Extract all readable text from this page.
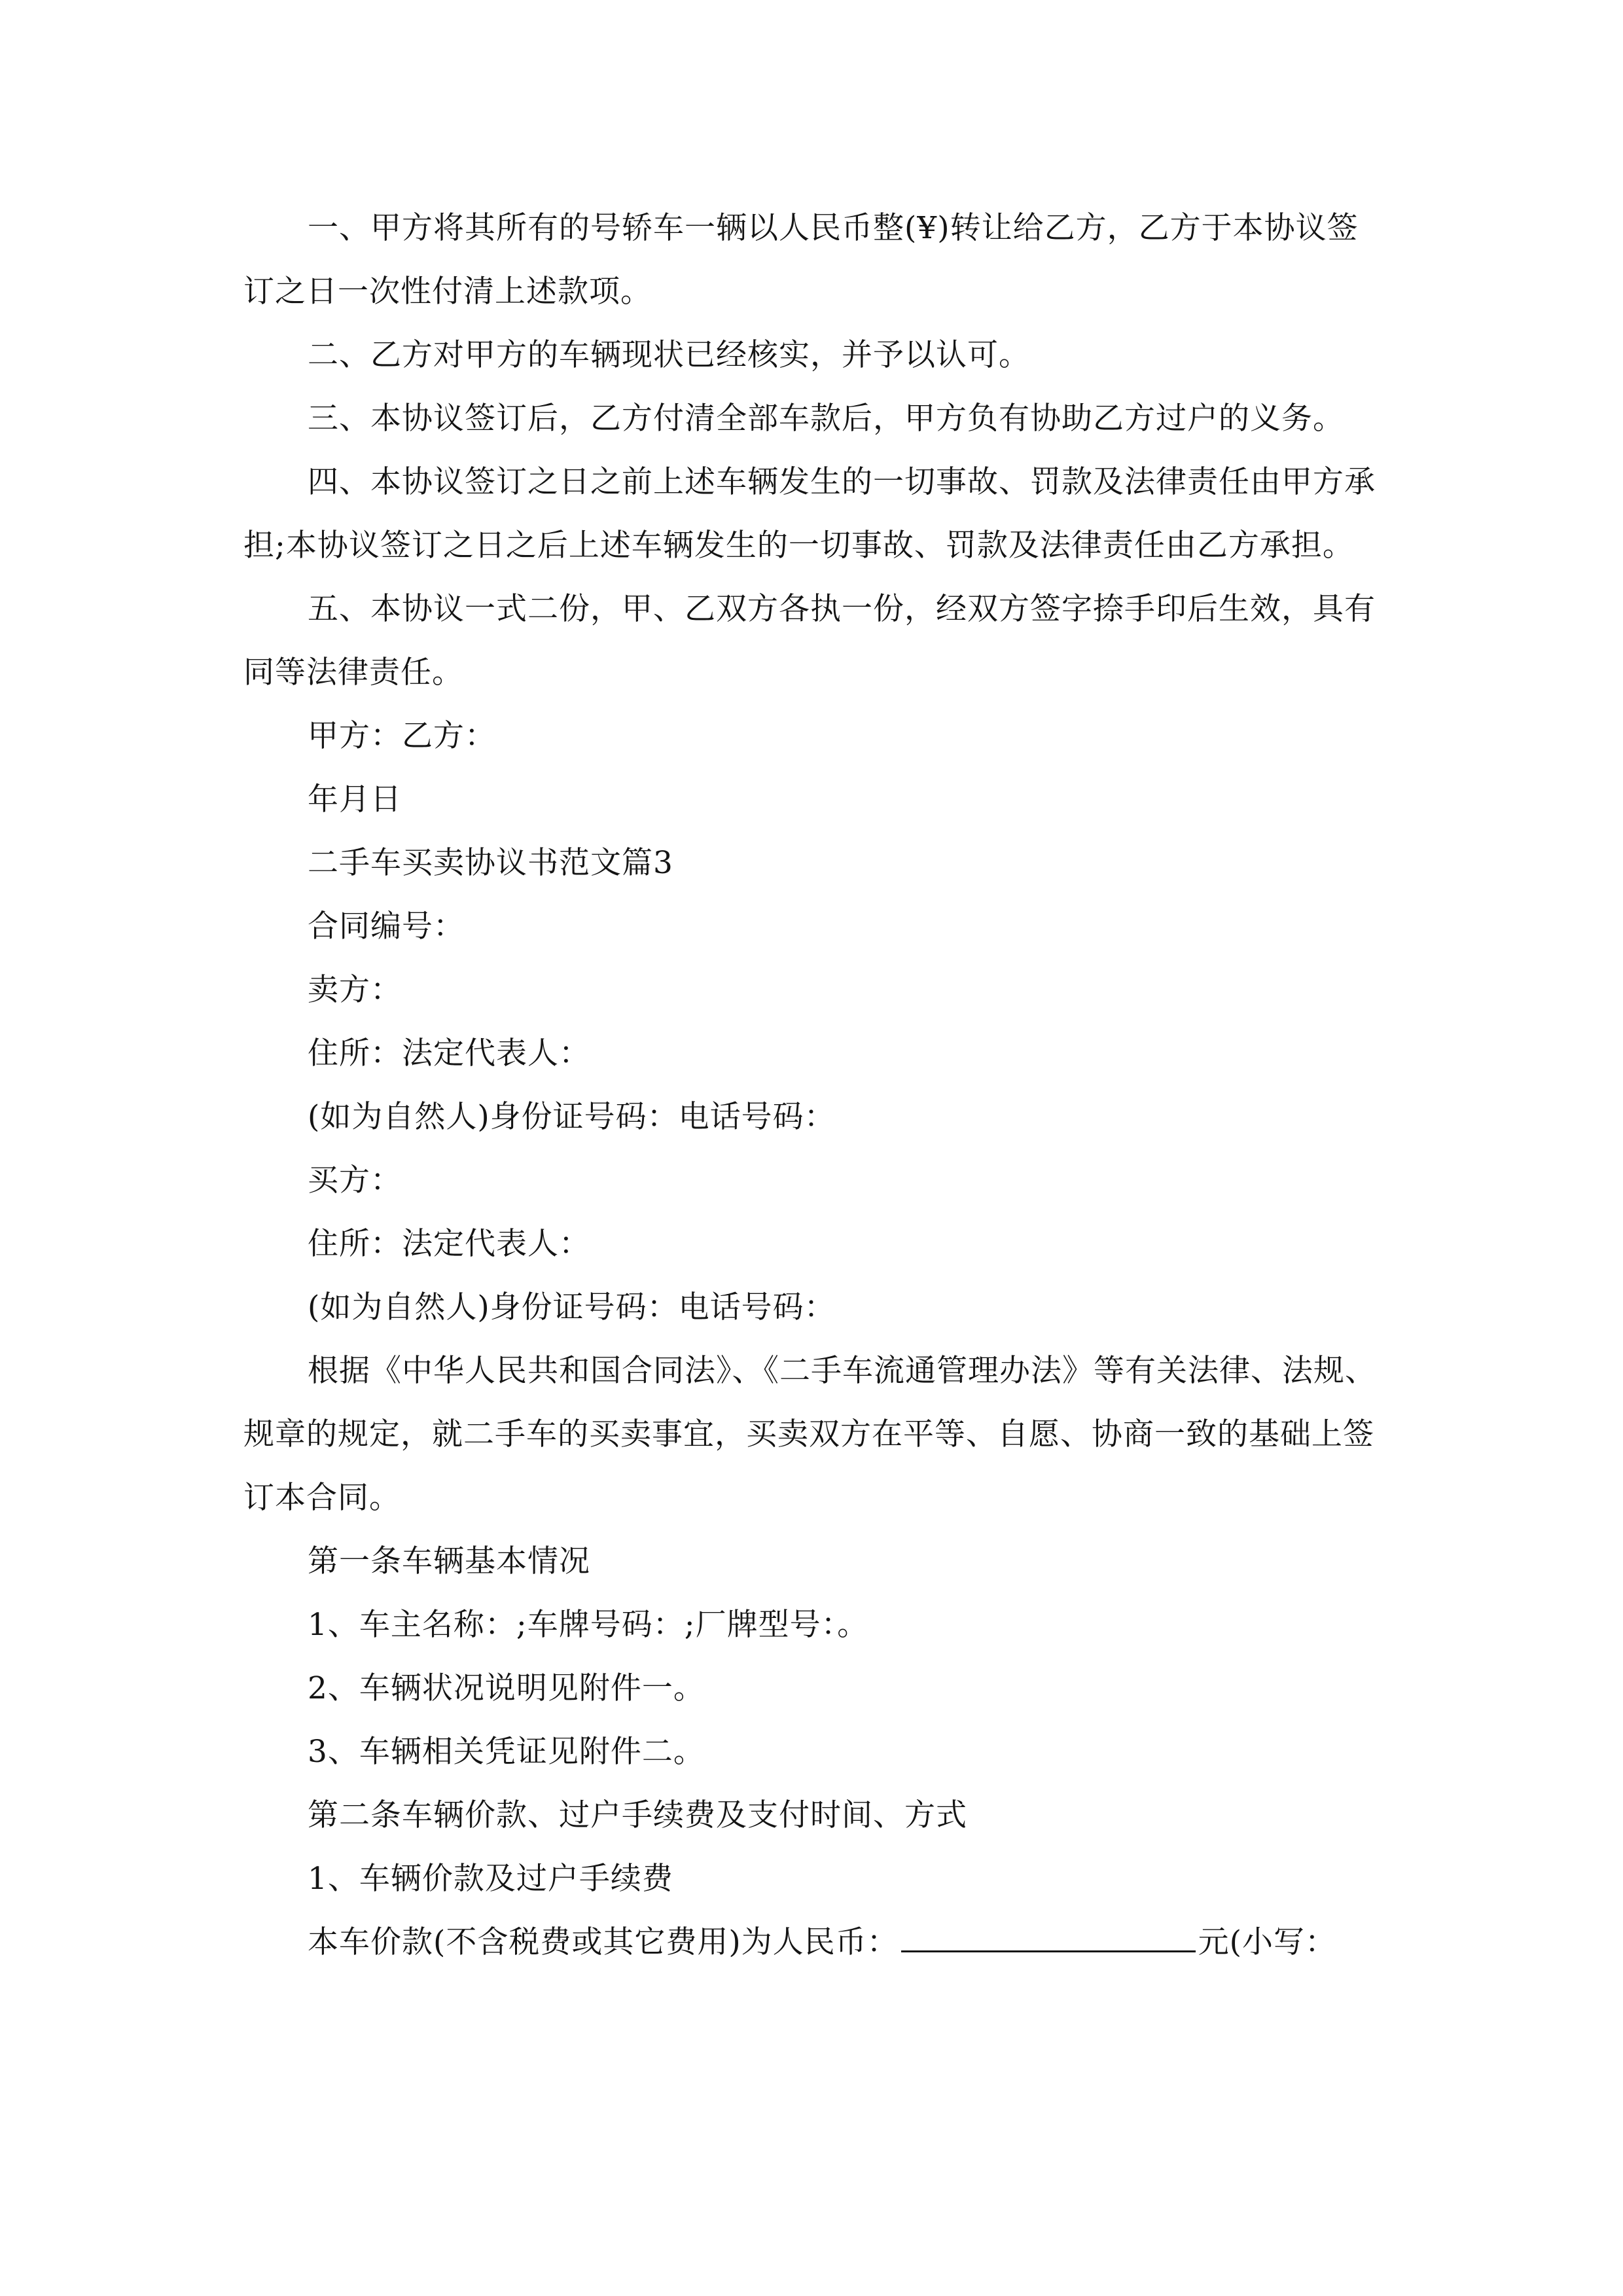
一、甲方将其所有的号轿车一辆以人民币整(¥)转让给乙方，乙方于本协议签订之日一次性付清上述款项。

二、乙方对甲方的车辆现状已经核实，并予以认可。

三、本协议签订后，乙方付清全部车款后，甲方负有协助乙方过户的义务。

四、本协议签订之日之前上述车辆发生的一切事故、罚款及法律责任由甲方承担;本协议签订之日之后上述车辆发生的一切事故、罚款及法律责任由乙方承担。

五、本协议一式二份，甲、乙双方各执一份，经双方签字捺手印后生效，具有同等法律责任。

甲方：乙方：

年月日

二手车买卖协议书范文篇3

合同编号：

卖方：

住所：法定代表人：

(如为自然人)身份证号码：电话号码：

买方：

住所：法定代表人：

(如为自然人)身份证号码：电话号码：

根据《中华人民共和国合同法》、《二手车流通管理办法》等有关法律、法规、规章的规定，就二手车的买卖事宜，买卖双方在平等、自愿、协商一致的基础上签订本合同。

第一条车辆基本情况

1、车主名称：;车牌号码：;厂牌型号：。

2、车辆状况说明见附件一。

3、车辆相关凭证见附件二。

第二条车辆价款、过户手续费及支付时间、方式

1、车辆价款及过户手续费

本车价款(不含税费或其它费用)为人民币：	元(小写：
